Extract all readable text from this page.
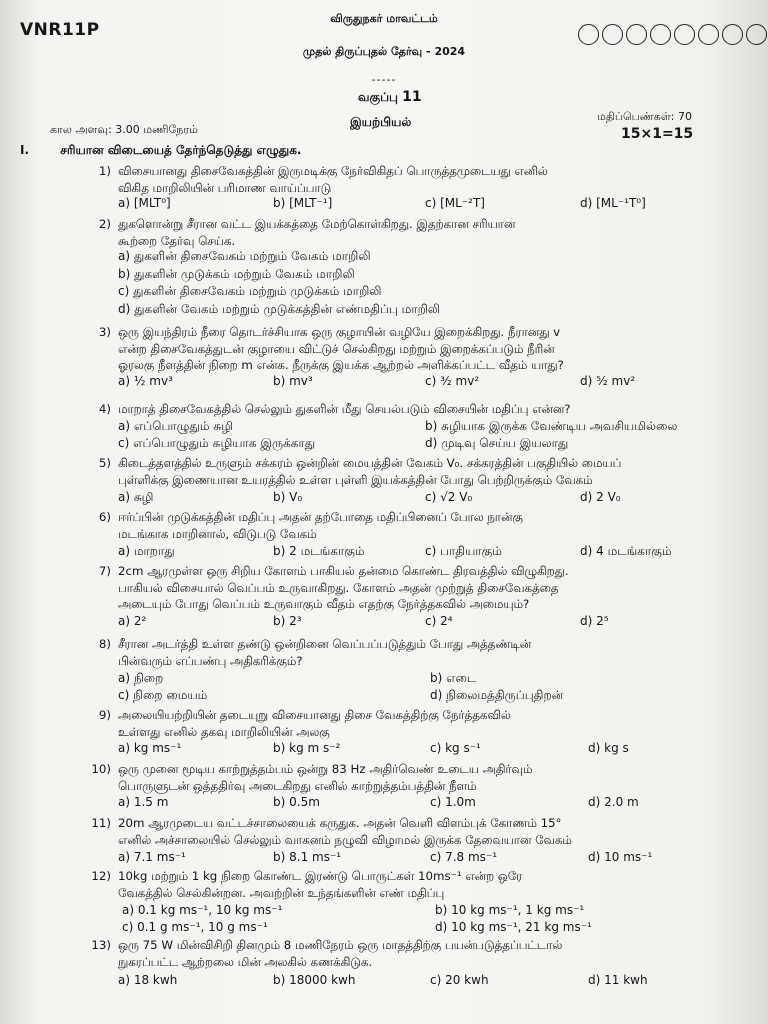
VNR11P
விருதுநகர் மாவட்டம்
முதல் திருப்புதல் தேர்வு - 2024
-----
வகுப்பு 11
இயற்பியல்
கால அளவு: 3.00 மணிநேரம்
மதிப்பெண்கள்: 70
15×1=15
I.	சரியான விடையைத் தேர்ந்தெடுத்து எழுதுக.
1) விசையானது திசைவேகத்தின் இருமடிக்கு நேர்விகிதப் பொருத்தமுடையது எனில்
விகித மாறிலியின் பரிமாண வாய்ப்பாடு
a) [MLT⁰]	b) [MLT⁻¹]	c) [ML⁻²T]	d) [ML⁻¹T⁰]
2) துகளொன்று சீரான வட்ட இயக்கத்தை மேற்கொள்கிறது. இதற்கான சரியான
கூற்றை தேர்வு செய்க.
a) துகளின் திசைவேகம் மற்றும் வேகம் மாறிலி
b) துகளின் முடுக்கம் மற்றும் வேகம் மாறிலி
c) துகளின் திசைவேகம் மற்றும் முடுக்கம் மாறிலி
d) துகளின் வேகம் மற்றும் முடுக்கத்தின் எண்மதிப்பு மாறிலி
3) ஒரு இயந்திரம் நீரை தொடர்ச்சியாக ஒரு குழாயின் வழியே இறைக்கிறது. நீரானது v
என்ற திசைவேகத்துடன் குழாயை விட்டுச் செல்கிறது மற்றும் இறைக்கப்படும் நீரின்
ஓரலகு நீளத்தின் நிறை m என்க. நீருக்கு இயக்க ஆற்றல் அளிக்கப்பட்ட வீதம் யாது?
a) ½ mv³	b) mv³	c) ³⁄₂ mv²	d) ⁵⁄₂ mv²
4) மாறாத் திசைவேகத்தில் செல்லும் துகளின் மீது செயல்படும் விசையின் மதிப்பு என்ன?
a) எப்பொழுதும் சுழி	b) சுழியாக இருக்க வேண்டிய அவசியமில்லை
c) எப்பொழுதும் சுழியாக இருக்காது	d) முடிவு செய்ய இயலாது
5) கிடைத்தளத்தில் உருளும் சக்கரம் ஒன்றின் மையத்தின் வேகம் V₀. சக்கரத்தின் பகுதியில் மையப்
புள்ளிக்கு இணையான உயரத்தில் உள்ள புள்ளி இயக்கத்தின் போது பெற்றிருக்கும் வேகம்
a) சுழி	b) V₀	c) √2 V₀	d) 2 V₀
6) ஈர்ப்பின் முடுக்கத்தின் மதிப்பு அதன் தற்போதை மதிப்பினைப் போல நான்கு
மடங்காக மாறினால், விடுபடு வேகம்
a) மாறாது	b) 2 மடங்காகும்	c) பாதியாகும்	d) 4 மடங்காகும்
7) 2cm ஆரமுள்ள ஒரு சிறிய கோளம் பாகியல் தன்மை கொண்ட திரவத்தில் விழுகிறது.
பாகியல் விசையால் வெப்பம் உருவாகிறது. கோளம் அதன் முற்றுத் திசைவேகத்தை
அடையும் போது வெப்பம் உருவாகும் வீதம் எதற்கு நேர்த்தகவில் அமையும்?
a) 2²	b) 2³	c) 2⁴	d) 2⁵
8) சீரான அடர்த்தி உள்ள தண்டு ஒன்றினை வெப்பப்படுத்தும் போது அத்தண்டின்
பின்வரும் எப்பண்பு அதிகரிக்கும்?
a) நிறை	b) எடை
c) நிறை மையம்	d) நிலைமத்திருப்புதிறன்
9) அலையியற்றியின் தடையுறு விசையானது திசை வேகத்திற்கு நேர்த்தகவில்
உள்ளது எனில் தகவு மாறிலியின் அலகு
a) kg ms⁻¹	b) kg m s⁻²	c) kg s⁻¹	d) kg s
10) ஒரு முனை மூடிய காற்றுத்தம்பம் ஒன்று 83 Hz அதிர்வெண் உடைய அதிர்வும்
பொருளுடன் ஒத்ததிர்வு அடைகிறது எனில் காற்றுத்தம்பத்தின் நீளம்
a) 1.5 m	b) 0.5m	c) 1.0m	d) 2.0 m
11) 20m ஆரமுடைய வட்டச்சாலையைக் கருதுக. அதன் வெளி விளம்புக் கோணம் 15°
எனில் அச்சாலையில் செல்லும் வாகனம் நழுவி விழாமல் இருக்க தேவையான வேகம்
a) 7.1 ms⁻¹	b) 8.1 ms⁻¹	c) 7.8 ms⁻¹	d) 10 ms⁻¹
12) 10kg மற்றும் 1 kg நிறை கொண்ட இரண்டு பொருட்கள் 10ms⁻¹ என்ற ஒரே
வேகத்தில் செல்கின்றன. அவற்றின் உந்தங்களின் எண் மதிப்பு
a) 0.1 kg ms⁻¹, 10 kg ms⁻¹	b) 10 kg ms⁻¹, 1 kg ms⁻¹
c) 0.1 g ms⁻¹, 10 g ms⁻¹	d) 10 kg ms⁻¹, 21 kg ms⁻¹
13) ஒரு 75 W மின்விசிறி தினமும் 8 மணிநேரம் ஒரு மாதத்திற்கு பயன்படுத்தப்பட்டால்
நுகரப்பட்ட ஆற்றலை மின் அலகில் கணக்கிடுக.
a) 18 kwh	b) 18000 kwh	c) 20 kwh	d) 11 kwh
